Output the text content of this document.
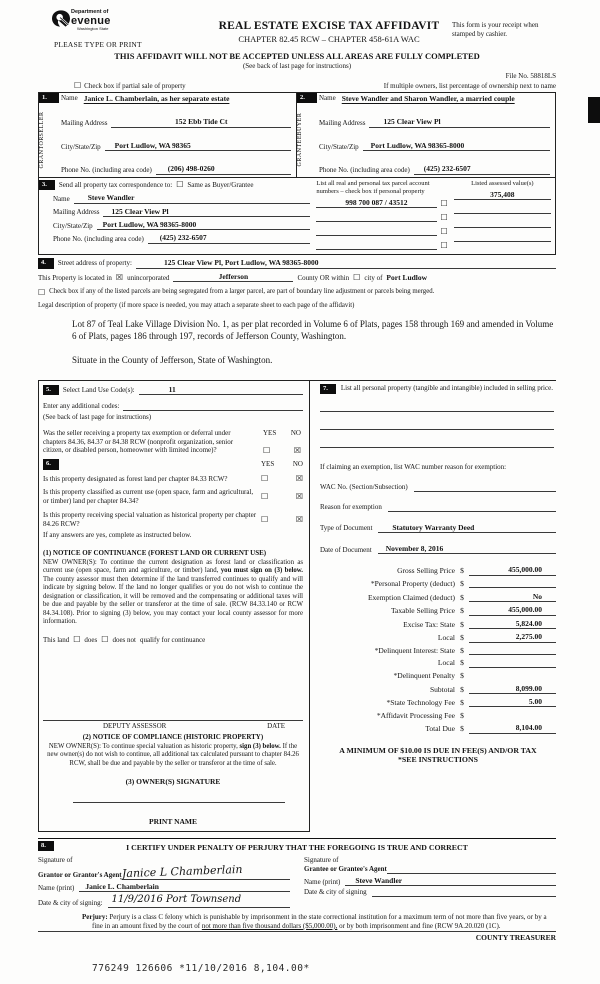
Department of
evenue
Washington State
PLEASE TYPE OR PRINT
REAL ESTATE EXCISE TAX AFFIDAVIT
CHAPTER 82.45 RCW – CHAPTER 458-61A WAC
This form is your receipt when stamped by cashier.
THIS AFFIDAVIT WILL NOT BE ACCEPTED UNLESS ALL AREAS ARE FULLY COMPLETED
(See back of last page for instructions)
File No. 58818LS
☐ Check box if partial sale of property	If multiple owners, list percentage of ownership next to name
1.	Name Janice L. Chamberlain, as her separate estate
GRANTOR
SELLER	Mailing Address	152 Ebb Tide Ct
City/State/Zip Port Ludlow, WA 98365
Phone No. (including area code) (206) 498-0260
2.	Name Steve Wandler and Sharon Wandler, a married couple
GRANTEE
BUYER	Mailing Address 125 Clear View Pl
City/State/Zip Port Ludlow, WA 98365-8000
Phone No. (including area code) (425) 232-6507
3.	Send all property tax correspondence to: ☐ Same as Buyer/Grantee
Name Steve Wandler
Mailing Address 125 Clear View Pl
City/State/Zip Port Ludlow, WA 98365-8000
Phone No. (including area code) (425) 232-6507
List all real and personal tax parcel account numbers – check box if personal property
998 700 087 / 43512	☐
☐
☐
☐
Listed assessed value(s)
375,408
4.	Street address of property:	125 Clear View Pl, Port Ludlow, WA 98365-8000
This Property is located in ☒ unincorporated	Jefferson	County OR within ☐ city of Port Ludlow
☐ Check box if any of the listed parcels are being segregated from a larger parcel, are part of boundary line adjustment or parcels being merged.
Legal description of property (if more space is needed, you may attach a separate sheet to each page of the affidavit)
Lot 87 of Teal Lake Village Division No. 1, as per plat recorded in Volume 6 of Plats, pages 158 through 169 and amended in Volume 6 of Plats, pages 186 through 197, records of Jefferson County, Washington.
Situate in the County of Jefferson, State of Washington.
5.	Select Land Use Code(s):	11
Enter any additional codes:
(See back of last page for instructions)
Was the seller receiving a property tax exemption or deferral under chapters 84.36, 84.37 or 84.38 RCW (nonprofit organization, senior citizen, or disabled person, homeowner with limited income)?
YES NO
☐	☒
6.	YES	NO
Is this property designated as forest land per chapter 84.33 RCW?	☐	☒
Is this property classified as current use (open space, farm and agricultural, or timber) land per chapter 84.34?	☐	☒
Is this property receiving special valuation as historical property per chapter 84.26 RCW?	☐	☒
If any answers are yes, complete as instructed below.
(1) NOTICE OF CONTINUANCE (FOREST LAND OR CURRENT USE)
NEW OWNER(S): To continue the current designation as forest land or classification as current use (open space, farm and agriculture, or timber) land, you must sign on (3) below. The county assessor must then determine if the land transferred continues to qualify and will indicate by signing below. If the land no longer qualifies or you do not wish to continue the designation or classification, it will be removed and the compensating or additional taxes will be due and payable by the seller or transferor at the time of sale. (RCW 84.33.140 or RCW 84.34.108). Prior to signing (3) below, you may contact your local county assessor for more information.
This land ☐ does ☐ does not qualify for continuance
DEPUTY ASSESSOR	DATE
(2) NOTICE OF COMPLIANCE (HISTORIC PROPERTY)
NEW OWNER(S): To continue special valuation as historic property, sign (3) below. If the new owner(s) do not wish to continue, all additional tax calculated pursuant to chapter 84.26 RCW, shall be due and payable by the seller or transferor at the time of sale.
(3) OWNER(S) SIGNATURE
PRINT NAME
7.	List all personal property (tangible and intangible) included in selling price.
If claiming an exemption, list WAC number reason for exemption:
WAC No. (Section/Subsection)
Reason for exemption
Type of Document	Statutory Warranty Deed
Date of Document November 8, 2016
Gross Selling Price $	455,000.00
*Personal Property (deduct) $
Exemption Claimed (deduct) $	No
Taxable Selling Price $	455,000.00
Excise Tax: State $	5,824.00
Local $	2,275.00
*Delinquent Interest: State $
Local $
*Delinquent Penalty $
Subtotal $	8,099.00
*State Technology Fee $	5.00
*Affidavit Processing Fee $
Total Due $	8,104.00
A MINIMUM OF $10.00 IS DUE IN FEE(S) AND/OR TAX
*SEE INSTRUCTIONS
8.	I CERTIFY UNDER PENALTY OF PERJURY THAT THE FOREGOING IS TRUE AND CORRECT
Signature of
Grantor or Grantor's Agent Janice L Chamberlain
Name (print) Janice L. Chamberlain
Date & city of signing: 11/9/2016 Port Townsend
Signature of
Grantee or Grantee's Agent
Name (print) Steve Wandler
Date & city of signing
Perjury: Perjury is a class C felony which is punishable by imprisonment in the state correctional institution for a maximum term of not more than five years, or by a fine in an amount fixed by the court of not more than five thousand dollars ($5,000.00), or by both imprisonment and fine (RCW 9A.20.020 (1C).
COUNTY TREASURER
776249 126606 *11/10/2016 8,104.00*
